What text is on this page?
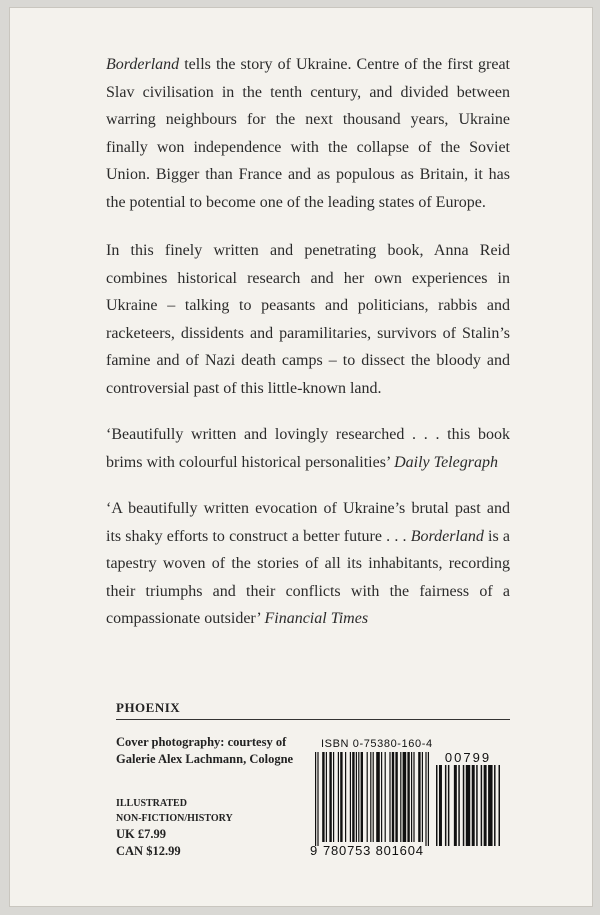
Borderland tells the story of Ukraine. Centre of the first great Slav civilisation in the tenth century, and divided between warring neighbours for the next thousand years, Ukraine finally won independence with the collapse of the Soviet Union. Bigger than France and as populous as Britain, it has the potential to become one of the leading states of Europe.

In this finely written and penetrating book, Anna Reid combines historical research and her own experiences in Ukraine – talking to peasants and politicians, rabbis and racketeers, dissidents and paramilitaries, survivors of Stalin’s famine and of Nazi death camps – to dissect the bloody and controversial past of this little-known land.

‘Beautifully written and lovingly researched . . . this book brims with colourful historical personalities’ Daily Telegraph

‘A beautifully written evocation of Ukraine’s brutal past and its shaky efforts to construct a better future . . . Borderland is a tapestry woven of the stories of all its inhabitants, recording their triumphs and their conflicts with the fairness of a compassionate outsider’ Financial Times

PHOENIX
Cover photography: courtesy of Galerie Alex Lachmann, Cologne
ILLUSTRATED
NON-FICTION/HISTORY
UK £7.99
CAN $12.99
ISBN 0-75380-160-4
00799
9 780753 801604
